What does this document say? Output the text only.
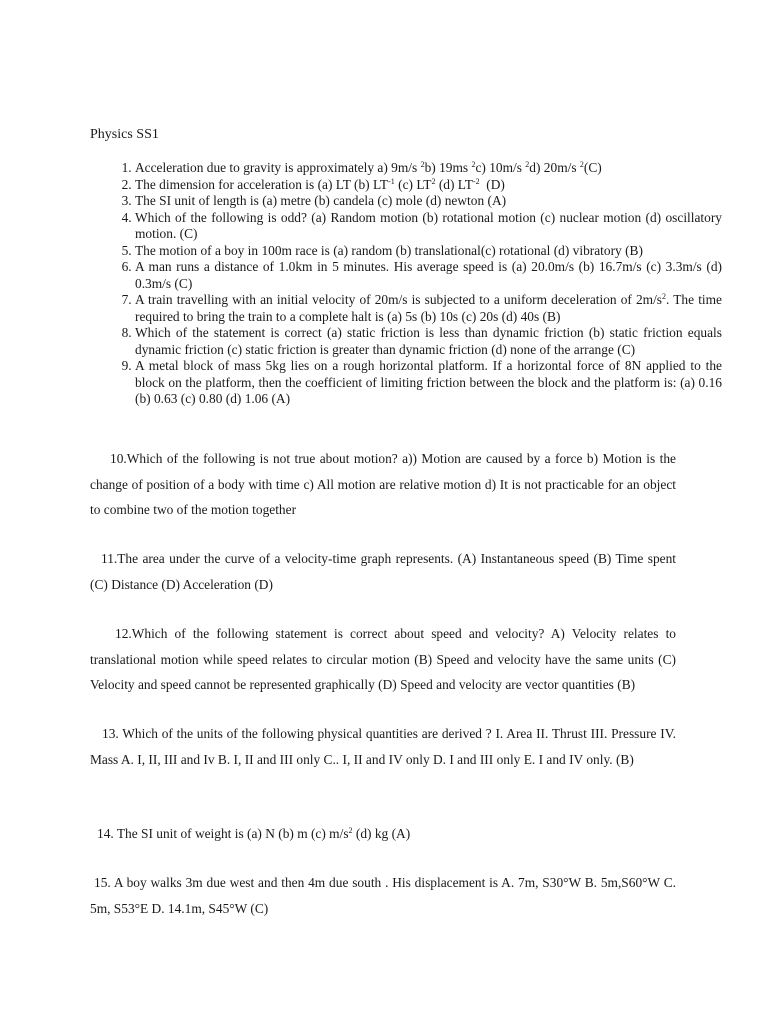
Physics SS1
1. Acceleration due to gravity is approximately a) 9m/s $^2$b) 19ms $^2$c) 10m/s $^2$d) 20m/s $^2$(C)
2. The dimension for acceleration is (a) LT (b) $LT^{-1}$ (c) $LT^2$ (d) $LT^{-2}$  (D)
3. The SI unit of length is (a) metre (b) candela (c) mole (d) newton (A)
4. Which of the following is odd? (a) Random motion (b) rotational motion (c) nuclear motion (d) oscillatory motion. (C)
5. The motion of a boy in 100m race is (a) random (b) translational(c) rotational (d) vibratory (B)
6. A man runs a distance of 1.0km in 5 minutes. His average speed is (a) 20.0m/s (b) 16.7m/s (c) 3.3m/s (d) 0.3m/s (C)
7. A train travelling with an initial velocity of 20m/s is subjected to a uniform deceleration of $2m/s^2$. The time required to bring the train to a complete halt is (a) 5s (b) 10s (c) 20s (d) 40s (B)
8. Which of the statement is correct (a) static friction is less than dynamic friction (b) static friction equals dynamic friction (c) static friction is greater than dynamic friction (d) none of the arrange (C)
9. A metal block of mass 5kg lies on a rough horizontal platform. If a horizontal force of 8N applied to the block on the platform, then the coefficient of limiting friction between the block and the platform is: (a) 0.16 (b) 0.63 (c) 0.80 (d) 1.06 (A)

10.Which of the following is not true about motion? a)) Motion are caused by a force b) Motion is the change of position of a body with time c) All motion are relative motion d) It is not practicable for an object to combine two of the motion together

11.The area under the curve of a velocity-time graph represents. (A) Instantaneous speed (B) Time spent (C) Distance (D) Acceleration (D)

12.Which of the following statement is correct about speed and velocity? A) Velocity relates to translational motion while speed relates to circular motion (B) Speed and velocity have the same units (C) Velocity and speed cannot be represented graphically (D) Speed and velocity are vector quantities (B)

13. Which of the units of the following physical quantities are derived ? I. Area II. Thrust III. Pressure IV. Mass A. I, II, III and Iv B. I, II and III only C.. I, II and IV only D. I and III only E. I and IV only. (B)

14. The SI unit of weight is (a) N (b) m (c) $m/s^2$ (d) kg (A)

15. A boy walks 3m due west and then 4m due south . His displacement is A. 7m, S30°W B. 5m,S60°W C. 5m, S53°E D. 14.1m, S45°W (C)
